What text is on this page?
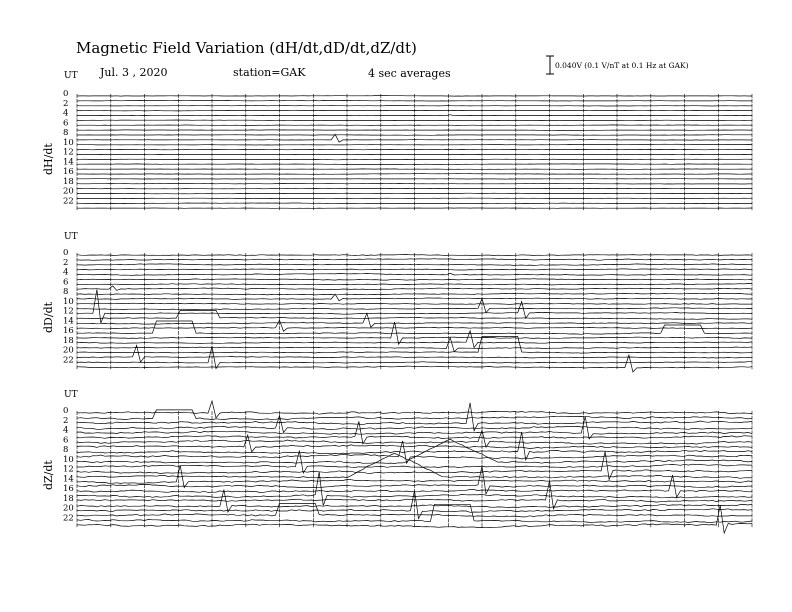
Magnetic Field Variation (dH/dt,dD/dt,dZ/dt)
Jul. 3 , 2020	station=GAK	4 sec averages
0.040V (0.1 V/nT at 0.1 Hz at GAK)
UT
0
2
4
6
8
10
12
14
16
18
20
22
dH/dt
UT
0
2
4
6
8
10
12
14
16
18
20
22
dD/dt
UT
0
2
4
6
8
10
12
14
16
18
20
22
dZ/dt
